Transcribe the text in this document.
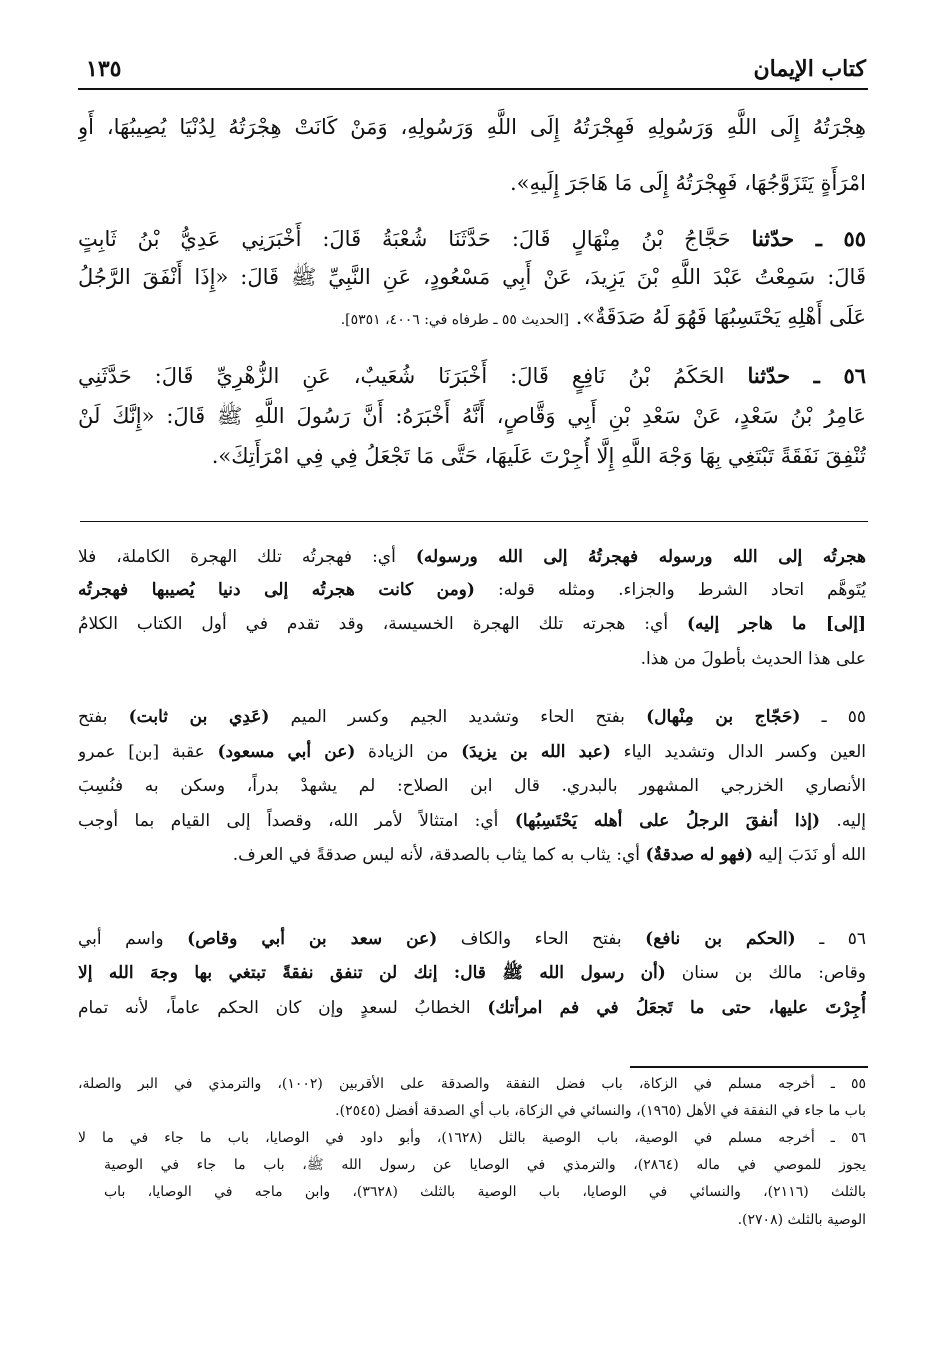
كتاب الإيمان
١٣٥
هِجْرَتُهُ إِلَى اللَّهِ وَرَسُولِهِ فَهِجْرَتُهُ إِلَى اللَّهِ وَرَسُولِهِ، وَمَنْ كَانَتْ هِجْرَتُهُ لِدُنْيَا يُصِيبُهَا، أَوِ
امْرَأَةٍ يَتَزَوَّجُهَا، فَهِجْرَتُهُ إِلَى مَا هَاجَرَ إِلَيهِ».
٥٥ ـ حدّثنا حَجَّاجُ بْنُ مِنْهَالٍ قَالَ: حَدَّثَنَا شُعْبَةُ قَالَ: أَخْبَرَنِي عَدِيُّ بْنُ ثَابِتٍ
قَالَ: سَمِعْتُ عَبْدَ اللَّهِ بْنَ يَزِيدَ، عَنْ أَبِي مَسْعُودٍ، عَنِ النَّبِيِّ ﷺ قَالَ: «إِذَا أَنْفَقَ الرَّجُلُ
عَلَى أَهْلِهِ يَحْتَسِبُهَا فَهُوَ لَهُ صَدَقَةٌ». [الحديث ٥٥ ـ طرفاه في: ٤٠٠٦، ٥٣٥١].
٥٦ ـ حدّثنا الحَكَمُ بْنُ نَافِعٍ قَالَ: أَخْبَرَنَا شُعَيبٌ، عَنِ الزُّهْرِيِّ قَالَ: حَدَّثَنِي
عَامِرُ بْنُ سَعْدٍ، عَنْ سَعْدِ بْنِ أَبِي وَقَّاصٍ، أَنَّهُ أَخْبَرَهُ: أَنَّ رَسُولَ اللَّهِ ﷺ قَالَ: «إِنَّكَ لَنْ
تُنْفِقَ نَفَقَةً تَبْتَغِي بِهَا وَجْهَ اللَّهِ إِلَّا أُجِرْتَ عَلَيهَا، حَتَّى مَا تَجْعَلُ فِي فِي امْرَأَتِكَ».
هجرتُه إلى الله ورسوله فهجرتُهُ إلى الله ورسوله) أي: فهجرتُه تلك الهجرة الكاملة، فلا
يُتَوهَّم اتحاد الشرط والجزاء. ومثله قوله: (ومن كانت هجرتُه إلى دنيا يُصيبها فهجرتُه
[إلى] ما هاجر إليه) أي: هجرته تلك الهجرة الخسيسة، وقد تقدم في أول الكتاب الكلامُ
على هذا الحديث بأطولَ من هذا.
٥٥ ـ (حَجّاج بن مِنْهال) بفتح الحاء وتشديد الجيم وكسر الميم (عَدِي بن ثابت) بفتح
العين وكسر الدال وتشديد الياء (عبد الله بن يزيدَ) من الزيادة (عن أبي مسعود) عقبة [بن] عمرو
الأنصاري الخزرجي المشهور بالبدري. قال ابن الصلاح: لم يشهدْ بدراً، وسكن به فنُسِبَ
إليه. (إذا أنفقَ الرجلُ على أهله يَحْتَسِبُها) أي: امتثالاً لأمر الله، وقصداً إلى القيام بما أوجب
الله أو نَدَبَ إليه (فهو له صدقةٌ) أي: يثاب به كما يثاب بالصدقة، لأنه ليس صدقةً في العرف.
٥٦ ـ (الحكم بن نافع) بفتح الحاء والكاف (عن سعد بن أبي وقاص) واسم أبي
وقاص: مالك بن سنان (أن رسول الله ﷺ قال: إنك لن تنفق نفقةً تبتغي بها وجهَ الله إلا
أُجِرْتَ عليها، حتى ما تَجعَلُ في فم امرأتك) الخطابُ لسعدٍ وإن كان الحكم عاماً، لأنه تمام
٥٥ ـ أخرجه مسلم في الزكاة، باب فضل النفقة والصدقة على الأقربين (١٠٠٢)، والترمذي في البر والصلة،
باب ما جاء في النفقة في الأهل (١٩٦٥)، والنسائي في الزكاة، باب أي الصدقة أفضل (٢٥٤٥).
٥٦ ـ أخرجه مسلم في الوصية، باب الوصية بالثل (١٦٢٨)، وأبو داود في الوصايا، باب ما جاء في ما لا
يجوز للموصي في ماله (٢٨٦٤)، والترمذي في الوصايا عن رسول الله ﷺ، باب ما جاء في الوصية
بالثلث (٢١١٦)، والنسائي في الوصايا، باب الوصية بالثلث (٣٦٢٨)، وابن ماجه في الوصايا، باب
الوصية بالثلث (٢٧٠٨).
